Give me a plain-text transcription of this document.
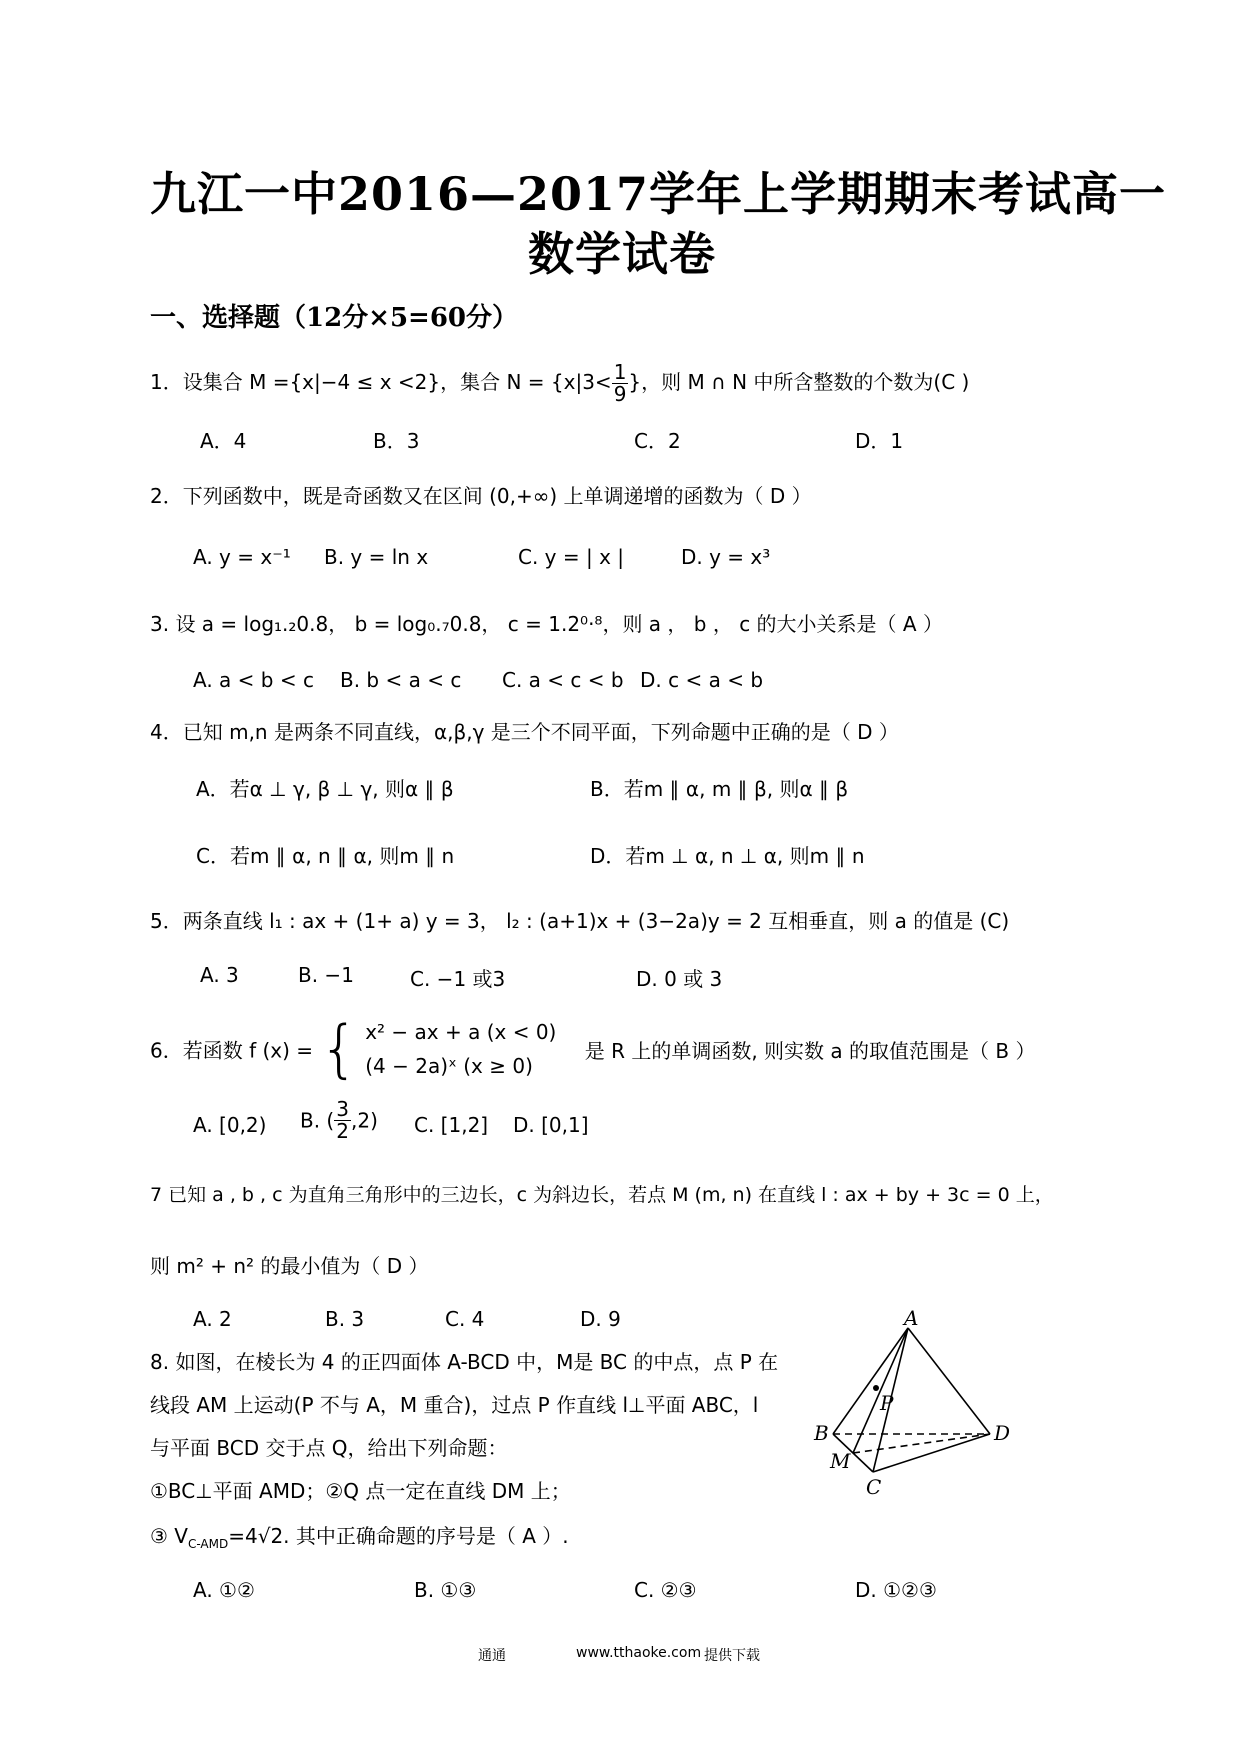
九江一中2016—2017学年上学期期末考试高一
数学试卷
一、选择题（12分×5=60分）
1．设集合 M ={x|−4 ≤ x <2}，集合 $N = \{x|3< \frac{1}{9}$ }，则 M ∩ N 中所含整数的个数为(C )
A．4	B．3	C．2	D．1
2．下列函数中，既是奇函数又在区间 (0,+∞) 上单调递增的函数为（ D ）
A. y = x⁻¹ B. y = ln x	C. y = | x |	D. y = x³
3. 设 a = log₁.₂0.8， b = log₀.₇0.8， c = 1.2⁰·⁸，则 a ， b ， c 的大小关系是（ A ）
A. a < b < c B. b < a < c C. a < c < b D. c < a < b
4．已知 m,n 是两条不同直线，α,β,γ 是三个不同平面，下列命题中正确的是（ D ）
A．若α ⊥ γ, β ⊥ γ, 则α ∥ β	B．若m ∥ α, m ∥ β, 则α ∥ β
C．若m ∥ α, n ∥ α, 则m ∥ n	D．若m ⊥ α, n ⊥ α, 则m ∥ n
5．两条直线 l₁ : ax + (1+ a) y = 3， l₂ : (a+1)x + (3−2a)y = 2 互相垂直，则 a 的值是 (C)
A. 3	B. −1	C. −1 或3	D. 0 或 3
6．若函数 f (x) = { x² − ax + a (x < 0)
(4 − 2a)ˣ (x ≥ 0)
是 R 上的单调函数, 则实数 a 的取值范围是（ B ）
A. [0,2) B. ( $\frac{3}{2} ,2$) C. [1,2] D. [0,1]
7 已知 a , b , c 为直角三角形中的三边长，c 为斜边长，若点 M (m, n) 在直线 l : ax + by + 3c = 0 上，
则 m² + n² 的最小值为（ D ）
A. 2	B. 3	C. 4	D. 9
8. 如图，在棱长为 4 的正四面体 A-BCD 中，M是 BC 的中点，点 P 在
线段 AM 上运动(P 不与 A，M 重合)，过点 P 作直线 l⊥平面 ABC，l
与平面 BCD 交于点 Q，给出下列命题：
①BC⊥平面 AMD；②Q 点一定在直线 DM 上；
③ $V_{C-AMD}=4√2$. 其中正确命题的序号是（ A ）.
A. ①②	B. ①③	C. ②③	D. ①②③
A
B
C
D
M
P
通通	www.tthaoke.com 提供下载
